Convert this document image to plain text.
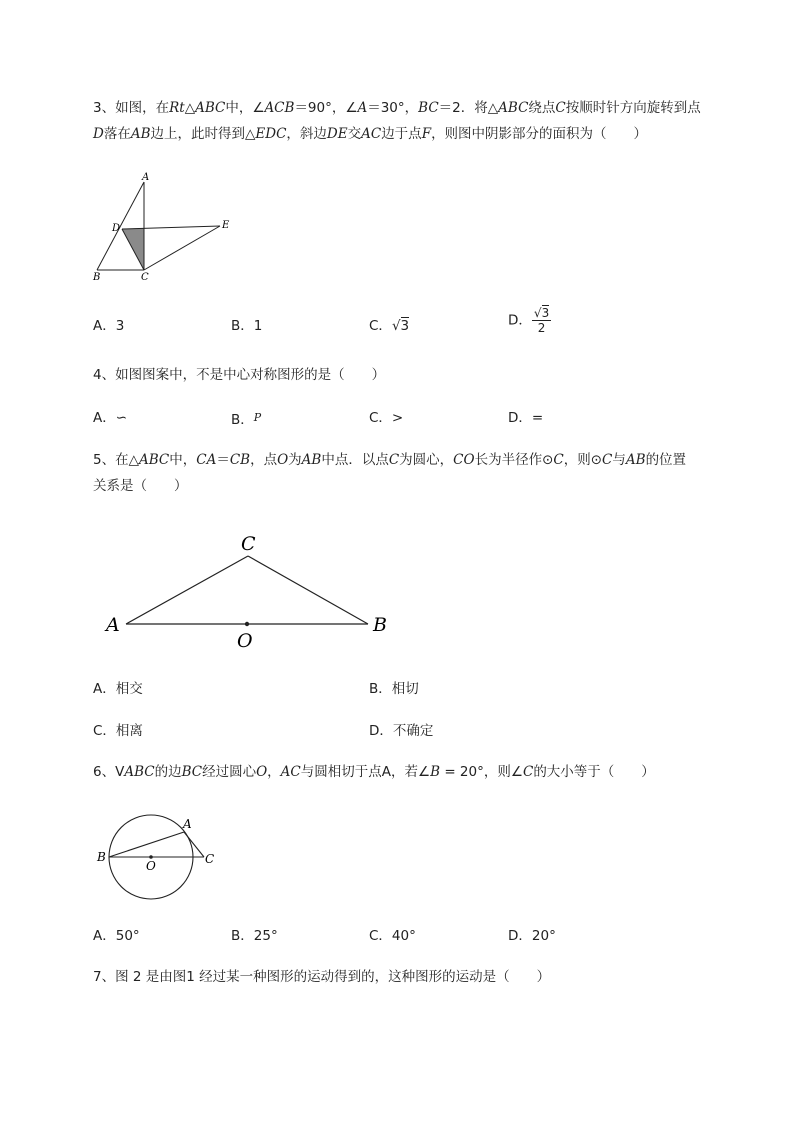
3、如图，在Rt△ABC中，∠ACB＝90°，∠A＝30°，BC＝2．将△ABC绕点C按顺时针方向旋转到点
D落在AB边上，此时得到△EDC，斜边DE交AC边于点F，则图中阴影部分的面积为（　　）
A
D	E
B	C
A．3	B．1	C．√3	D． $\frac{√3}{2}$
4、如图图案中，不是中心对称图形的是（　　）
A．∽	B．$^P$	C．>	D．=
5、在△ABC中，CA＝CB，点O为AB中点．以点C为圆心，CO长为半径作⊙C，则⊙C与AB的位置
关系是（　　）
C
A	B
O
A．相交	B．相切
C．相离	D．不确定
6、VABC的边BC经过圆心O，AC与圆相切于点A，若∠B = 20°，则∠C的大小等于（　　）
A
B
O	C
A．50°	B．25°	C．40°	D．20°
7、图 2 是由图1 经过某一种图形的运动得到的，这种图形的运动是（　　）
